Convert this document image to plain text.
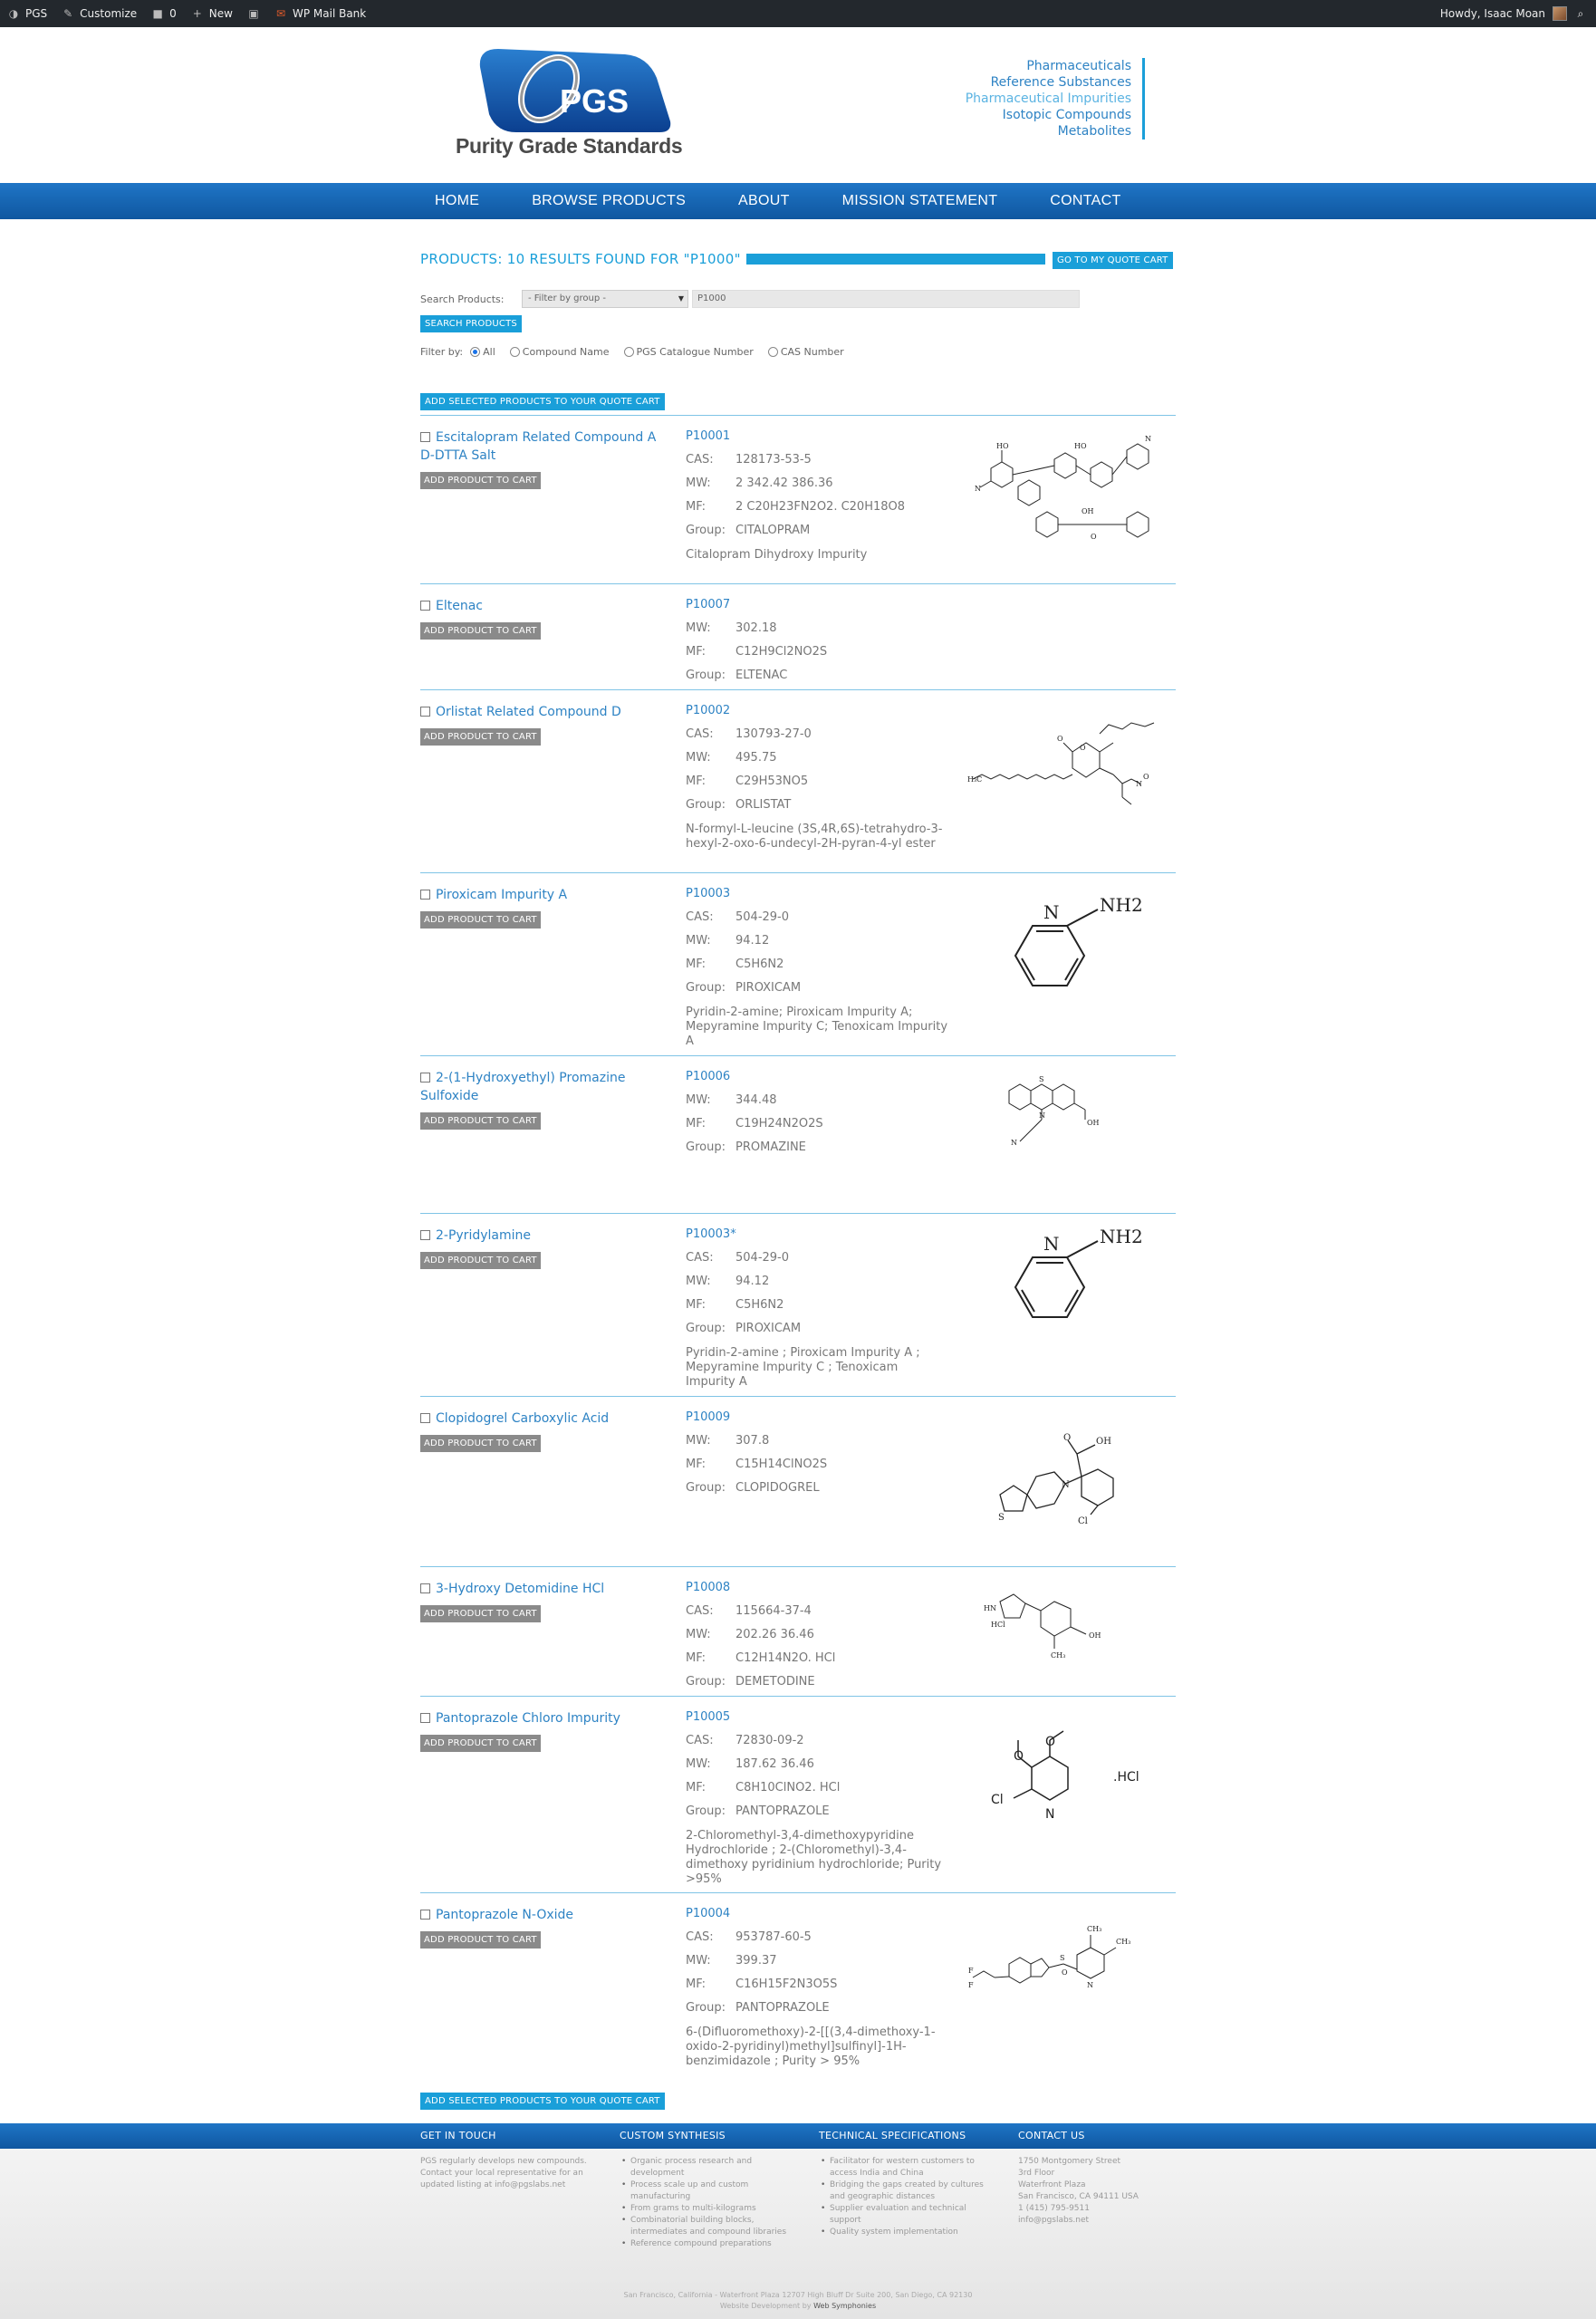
◑ PGS ✎ Customize ■ 0 + New ▣ ✉ WP Mail Bank	Howdy, Isaac Moan	⌕
PGS
Purity Grade Standards
Pharmaceuticals
Reference Substances
Pharmaceutical Impurities
Isotopic Compounds
Metabolites
HOME	BROWSE PRODUCTS	ABOUT	MISSION STATEMENT	CONTACT
PRODUCTS: 10 RESULTS FOUND FOR "P1000"	GO TO MY QUOTE CART
Search Products:	- Filter by group - ▼	P1000
SEARCH PRODUCTS
Filter by: All	Compound Name	PGS Catalogue Number	CAS Number
ADD SELECTED PRODUCTS TO YOUR QUOTE CART
Escitalopram Related Compound A D-DTTA Salt
ADD PRODUCT TO CART
P10001
CAS:	128173-53-5
MW:	2 342.42 386.36
MF:	2 C20H23FN2O2. C20H18O8
Group: CITALOPRAM
Citalopram Dihydroxy Impurity
N
HO	HO
N
OH
O
Eltenac
ADD PRODUCT TO CART
P10007
MW:	302.18
MF:	C12H9Cl2NO2S
Group: ELTENAC
Orlistat Related Compound D
ADD PRODUCT TO CART
P10002
CAS:	130793-27-0
MW:	495.75
MF:	C29H53NO5
Group: ORLISTAT
N-formyl-L-leucine (3S,4R,6S)-tetrahydro-3-hexyl-2-oxo-6-undecyl-2H-pyran-4-yl ester
O
O
N
O
H₃C
Piroxicam Impurity A
ADD PRODUCT TO CART
P10003
CAS:	504-29-0
MW:	94.12
MF:	C5H6N2
Group: PIROXICAM
Pyridin-2-amine; Piroxicam Impurity A; Mepyramine Impurity C; Tenoxicam Impurity A
N NH2
2-(1-Hydroxyethyl) Promazine Sulfoxide
ADD PRODUCT TO CART
P10006
MW:	344.48
MF:	C19H24N2O2S
Group: PROMAZINE
S
N
N
OH
2-Pyridylamine
ADD PRODUCT TO CART
P10003*
CAS:	504-29-0
MW:	94.12
MF:	C5H6N2
Group: PIROXICAM
Pyridin-2-amine ; Piroxicam Impurity A ; Mepyramine Impurity C ; Tenoxicam Impurity A
N NH2
Clopidogrel Carboxylic Acid
ADD PRODUCT TO CART
P10009
MW:	307.8
MF:	C15H14ClNO2S
Group: CLOPIDOGREL
S
N
O	OH
Cl
3-Hydroxy Detomidine HCl
ADD PRODUCT TO CART
P10008
CAS:	115664-37-4
MW:	202.26 36.46
MF:	C12H14N2O. HCl
Group: DEMETODINE
HN
HCl
OH
CH₃
Pantoprazole Chloro Impurity
ADD PRODUCT TO CART
P10005
CAS:	72830-09-2
MW:	187.62 36.46
MF:	C8H10ClNO2. HCl
Group: PANTOPRAZOLE
2-Chloromethyl-3,4-dimethoxypyridine Hydrochloride ; 2-(Chloromethyl)-3,4-dimethoxy pyridinium hydrochloride; Purity >95%
N
Cl
O
O
.HCl
Pantoprazole N-Oxide
ADD PRODUCT TO CART
P10004
CAS:	953787-60-5
MW:	399.37
MF:	C16H15F2N3O5S
Group: PANTOPRAZOLE
6-(Difluoromethoxy)-2-[[(3,4-dimethoxy-1-oxido-2-pyridinyl)methyl]sulfinyl]-1H-benzimidazole ; Purity > 95%
F
F
S
O
N
CH₃
CH₃
ADD SELECTED PRODUCTS TO YOUR QUOTE CART
GET IN TOUCH
PGS regularly develops new compounds. Contact your local representative for an updated listing at info@pgslabs.net
CUSTOM SYNTHESIS
• Organic process research and development
• Process scale up and custom manufacturing
• From grams to multi-kilograms
• Combinatorial building blocks, intermediates and compound libraries
• Reference compound preparations
TECHNICAL SPECIFICATIONS
• Facilitator for western customers to access India and China
• Bridging the gaps created by cultures and geographic distances
• Supplier evaluation and technical support
• Quality system implementation
CONTACT US
1750 Montgomery Street
3rd Floor
Waterfront Plaza
San Francisco, CA 94111 USA
1 (415) 795-9511
info@pgslabs.net
San Francisco, California - Waterfront Plaza 12707 High Bluff Dr Suite 200, San Diego, CA 92130
Website Development by Web Symphonies
